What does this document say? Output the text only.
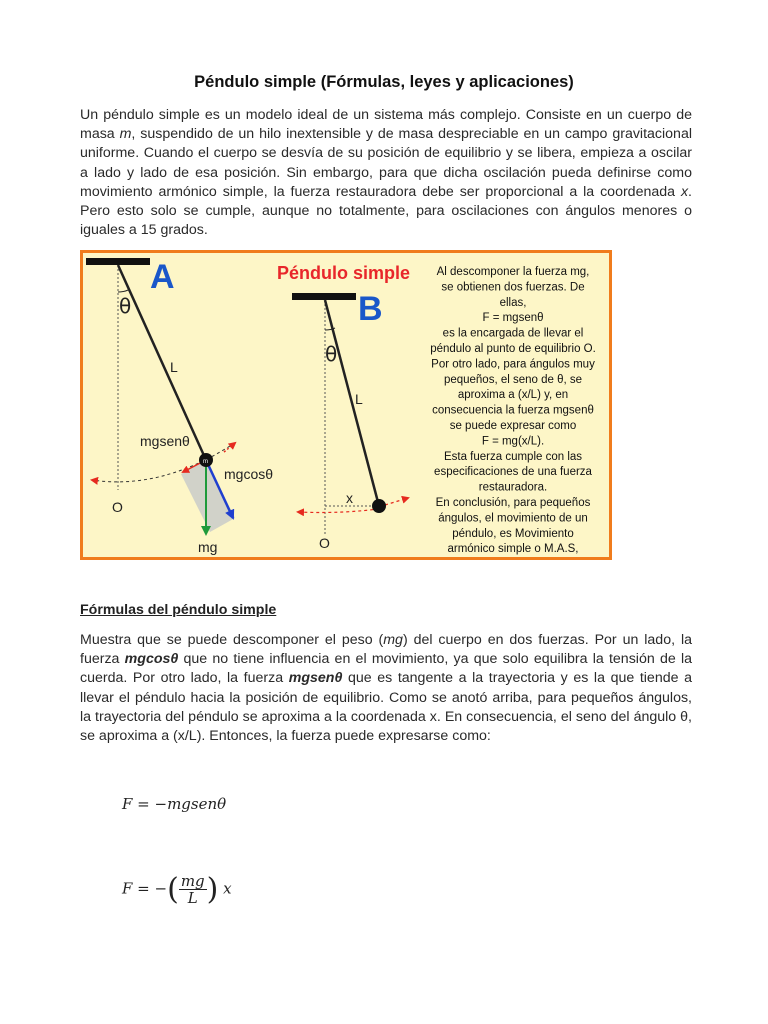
Péndulo simple (Fórmulas, leyes y aplicaciones)
Un péndulo simple es un modelo ideal de un sistema más complejo. Consiste en un cuerpo de masa m, suspendido de un hilo inextensible y de masa despreciable en un campo gravitacional uniforme. Cuando el cuerpo se desvía de su posición de equilibrio y se libera, empieza a oscilar a lado y lado de esa posición. Sin embargo, para que dicha oscilación pueda definirse como movimiento armónico simple, la fuerza restauradora debe ser proporcional a la coordenada x. Pero esto solo se cumple, aunque no totalmente, para oscilaciones con ángulos menores o iguales a 15 grados.
A
θ
L
m
mgsenθ
mgcosθ
mg
O
Péndulo simple
B
θ
L
x
O
Al descomponer la fuerza mg,
se obtienen dos fuerzas. De
ellas,
F = mgsenθ
es la encargada de llevar el
péndulo al punto de equilibrio O.
Por otro lado, para ángulos muy
pequeños, el seno de θ, se
aproxima a (x/L) y, en
consecuencia la fuerza mgsenθ
se puede expresar como
F = mg(x/L).
Esta fuerza cumple con las
especificaciones de una fuerza
restauradora.
En conclusión, para pequeños
ángulos, el movimiento de un
péndulo, es Movimiento
armónico simple o M.A.S,
Fórmulas del péndulo simple
Muestra que se puede descomponer el peso (mg) del cuerpo en dos fuerzas. Por un lado, la fuerza mgcosθ que no tiene influencia en el movimiento, ya que solo equilibra la tensión de la cuerda. Por otro lado, la fuerza mgsenθ que es tangente a la trayectoria y es la que tiende a llevar el péndulo hacia la posición de equilibrio. Como se anotó arriba, para pequeños ángulos, la trayectoria del péndulo se aproxima a la coordenada x. En consecuencia, el seno del ángulo θ, se aproxima a (x/L). Entonces, la fuerza puede expresarse como:
F = −mgsenθ
F = −( $\frac{mg}{L}$ ) x
